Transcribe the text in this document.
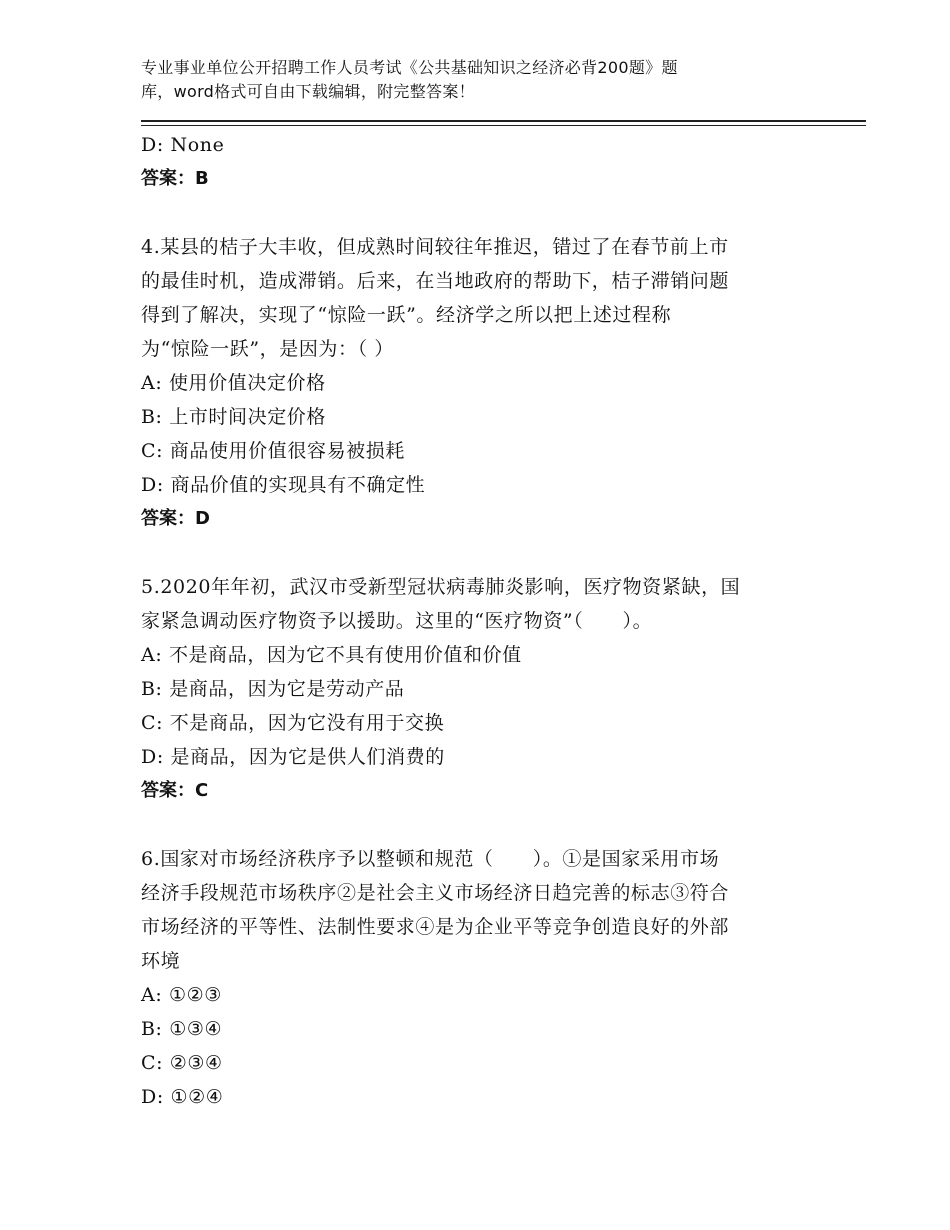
专业事业单位公开招聘工作人员考试《公共基础知识之经济必背200题》题
库，word格式可自由下载编辑，附完整答案！
D: None
答案：B
4.某县的桔子大丰收，但成熟时间较往年推迟，错过了在春节前上市
的最佳时机，造成滞销。后来，在当地政府的帮助下，桔子滞销问题
得到了解决，实现了“惊险一跃”。经济学之所以把上述过程称
为“惊险一跃”，是因为：（ ）
A: 使用价值决定价格
B: 上市时间决定价格
C: 商品使用价值很容易被损耗
D: 商品价值的实现具有不确定性
答案：D
5.2020年年初，武汉市受新型冠状病毒肺炎影响，医疗物资紧缺，国
家紧急调动医疗物资予以援助。这里的“医疗物资”（　　）。
A: 不是商品，因为它不具有使用价值和价值
B: 是商品，因为它是劳动产品
C: 不是商品，因为它没有用于交换
D: 是商品，因为它是供人们消费的
答案：C
6.国家对市场经济秩序予以整顿和规范（　　）。①是国家采用市场
经济手段规范市场秩序②是社会主义市场经济日趋完善的标志③符合
市场经济的平等性、法制性要求④是为企业平等竞争创造良好的外部
环境
A: ①②③
B: ①③④
C: ②③④
D: ①②④
